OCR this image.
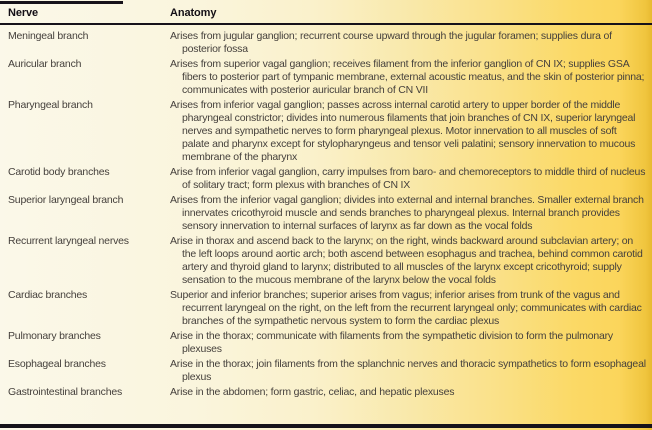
Nerve	Anatomy
Meningeal branch	Arises from jugular ganglion; recurrent course upward through the jugular foramen; supplies dura of posterior fossa
Auricular branch	Arises from superior vagal ganglion; receives filament from the inferior ganglion of CN IX; supplies GSA fibers to posterior part of tympanic membrane, external acoustic meatus, and the skin of posterior pinna; communicates with posterior auricular branch of CN VII
Pharyngeal branch	Arises from inferior vagal ganglion; passes across internal carotid artery to upper border of the middle pharyngeal constrictor; divides into numerous filaments that join branches of CN IX, superior laryngeal nerves and sympathetic nerves to form pharyngeal plexus. Motor innervation to all muscles of soft palate and pharynx except for stylopharyngeus and tensor veli palatini; sensory innervation to mucous membrane of the pharynx
Carotid body branches	Arise from inferior vagal ganglion, carry impulses from baro- and chemoreceptors to middle third of nucleus of solitary tract; form plexus with branches of CN IX
Superior laryngeal branch	Arises from the inferior vagal ganglion; divides into external and internal branches. Smaller external branch innervates cricothyroid muscle and sends branches to pharyngeal plexus. Internal branch provides sensory innervation to internal surfaces of larynx as far down as the vocal folds
Recurrent laryngeal nerves	Arise in thorax and ascend back to the larynx; on the right, winds backward around subclavian artery; on the left loops around aortic arch; both ascend between esophagus and trachea, behind common carotid artery and thyroid gland to larynx; distributed to all muscles of the larynx except cricothyroid; supply sensation to the mucous membrane of the larynx below the vocal folds
Cardiac branches	Superior and inferior branches; superior arises from vagus; inferior arises from trunk of the vagus and recurrent laryngeal on the right, on the left from the recurrent laryngeal only; communicates with cardiac branches of the sympathetic nervous system to form the cardiac plexus
Pulmonary branches	Arise in the thorax; communicate with filaments from the sympathetic division to form the pulmonary plexuses
Esophageal branches	Arise in the thorax; join filaments from the splanchnic nerves and thoracic sympathetics to form esophageal plexus
Gastrointestinal branches	Arise in the abdomen; form gastric, celiac, and hepatic plexuses
